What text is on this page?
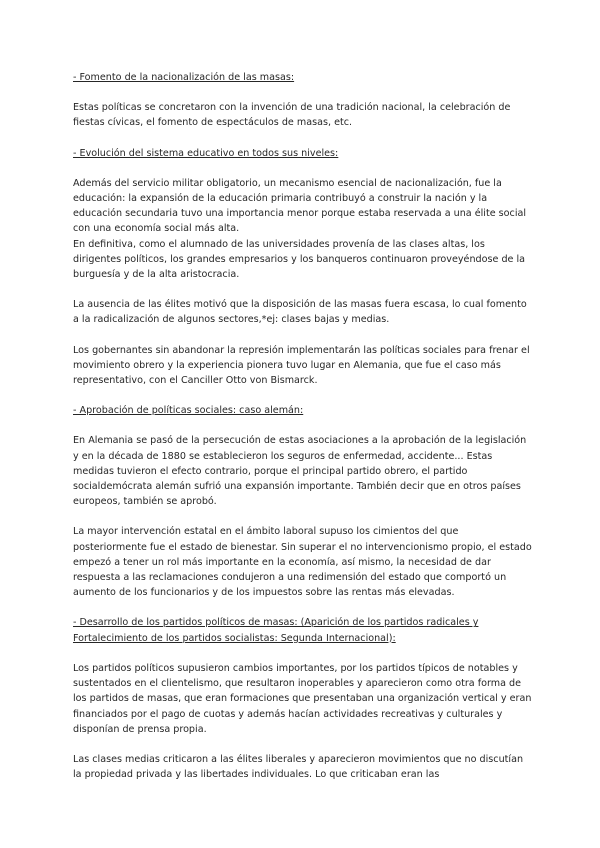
- Fomento de la nacionalización de las masas:
Estas políticas se concretaron con la invención de una tradición nacional, la celebración de fiestas cívicas, el fomento de espectáculos de masas, etc.
- Evolución del sistema educativo en todos sus niveles:
Además del servicio militar obligatorio, un mecanismo esencial de nacionalización, fue la educación: la expansión de la educación primaria contribuyó a construir la nación y la educación secundaria tuvo una importancia menor porque estaba reservada a una élite social con una economía social más alta.
En definitiva, como el alumnado de las universidades provenía de las clases altas, los dirigentes políticos, los grandes empresarios y los banqueros continuaron proveyéndose de la burguesía y de la alta aristocracia.
La ausencia de las élites motivó que la disposición de las masas fuera escasa, lo cual fomento a la radicalización de algunos sectores,*ej: clases bajas y medias.
Los gobernantes sin abandonar la represión implementarán las políticas sociales para frenar el movimiento obrero y la experiencia pionera tuvo lugar en Alemania, que fue el caso más representativo, con el Canciller Otto von Bismarck.
- Aprobación de políticas sociales: caso alemán:
En Alemania se pasó de la persecución de estas asociaciones a la aprobación de la legislación y en la década de 1880 se establecieron los seguros de enfermedad, accidente... Estas medidas tuvieron el efecto contrario, porque el principal partido obrero, el partido socialdemócrata alemán sufrió una expansión importante. También decir que en otros países europeos, también se aprobó.
La mayor intervención estatal en el ámbito laboral supuso los cimientos del que posteriormente fue el estado de bienestar. Sin superar el no intervencionismo propio, el estado empezó a tener un rol más importante en la economía, así mismo, la necesidad de dar respuesta a las reclamaciones condujeron a una redimensión del estado que comportó un aumento de los funcionarios y de los impuestos sobre las rentas más elevadas.
- Desarrollo de los partidos políticos de masas: (Aparición de los partidos radicales y Fortalecimiento de los partidos socialistas: Segunda Internacional):
Los partidos políticos supusieron cambios importantes, por los partidos típicos de notables y sustentados en el clientelismo, que resultaron inoperables y aparecieron como otra forma de los partidos de masas, que eran formaciones que presentaban una organización vertical y eran financiados por el pago de cuotas y además hacían actividades recreativas y culturales y disponían de prensa propia.
Las clases medias criticaron a las élites liberales y aparecieron movimientos que no discutían la propiedad privada y las libertades individuales. Lo que criticaban eran las
